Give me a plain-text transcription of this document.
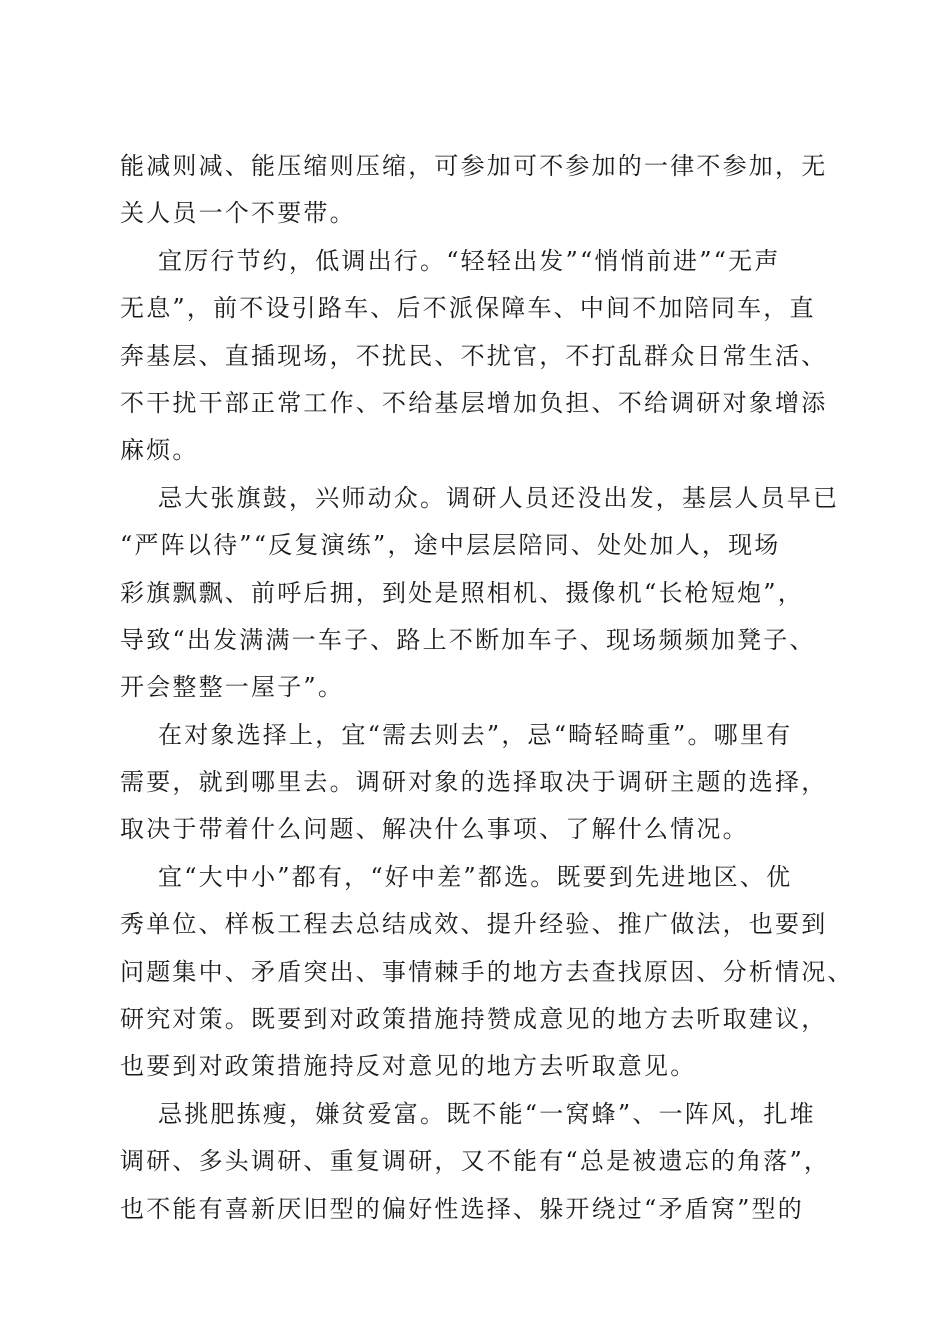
能减则减、能压缩则压缩，可参加可不参加的一律不参加，无
关人员一个不要带。
宜厉行节约，低调出行。“轻轻出发”“悄悄前进”“无声
无息”，前不设引路车、后不派保障车、中间不加陪同车，直
奔基层、直插现场，不扰民、不扰官，不打乱群众日常生活、
不干扰干部正常工作、不给基层增加负担、不给调研对象增添
麻烦。
忌大张旗鼓，兴师动众。调研人员还没出发，基层人员早已
“严阵以待”“反复演练”，途中层层陪同、处处加人，现场
彩旗飘飘、前呼后拥，到处是照相机、摄像机“长枪短炮”，
导致“出发满满一车子、路上不断加车子、现场频频加凳子、
开会整整一屋子”。
在对象选择上，宜“需去则去”，忌“畸轻畸重”。哪里有
需要，就到哪里去。调研对象的选择取决于调研主题的选择，
取决于带着什么问题、解决什么事项、了解什么情况。
宜“大中小”都有，“好中差”都选。既要到先进地区、优
秀单位、样板工程去总结成效、提升经验、推广做法，也要到
问题集中、矛盾突出、事情棘手的地方去查找原因、分析情况、
研究对策。既要到对政策措施持赞成意见的地方去听取建议，
也要到对政策措施持反对意见的地方去听取意见。
忌挑肥拣瘦，嫌贫爱富。既不能“一窝蜂”、一阵风，扎堆
调研、多头调研、重复调研，又不能有“总是被遗忘的角落”，
也不能有喜新厌旧型的偏好性选择、躲开绕过“矛盾窝”型的
